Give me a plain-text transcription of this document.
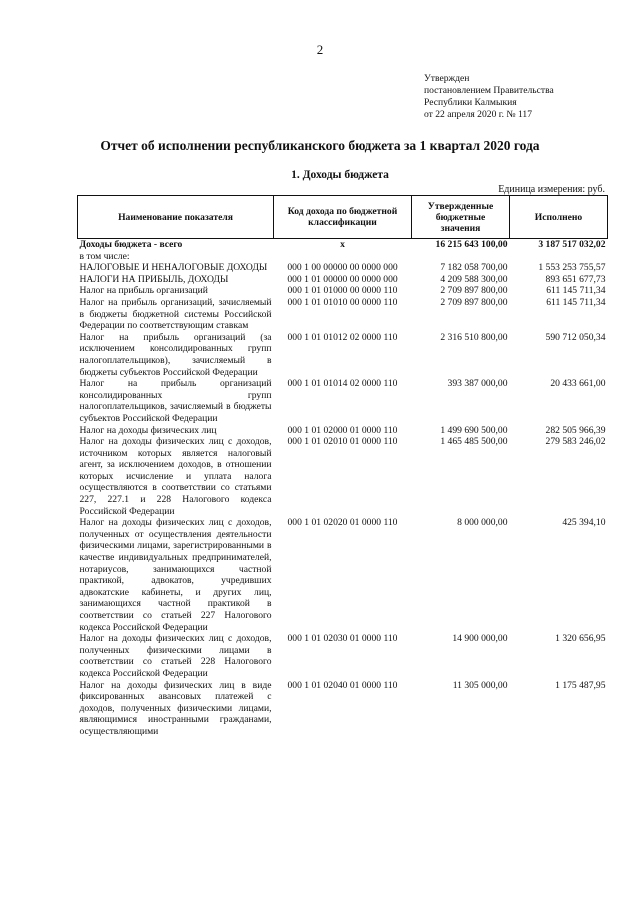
2
Утвержден
постановлением Правительства
Республики Калмыкия
от 22 апреля 2020 г. № 117
Отчет об исполнении республиканского бюджета за 1 квартал 2020 года
1. Доходы бюджета
Единица измерения: руб.
Наименование показателя	Код дохода по бюджетной классификации	Утвержденные бюджетные значения	Исполнено
Доходы бюджета - всего	x	16 215 643 100,00	3 187 517 032,02
в том числе:			
НАЛОГОВЫЕ И НЕНАЛОГОВЫЕ ДОХОДЫ	000 1 00 00000 00 0000 000	7 182 058 700,00	1 553 253 755,57
НАЛОГИ НА ПРИБЫЛЬ, ДОХОДЫ	000 1 01 00000 00 0000 000	4 209 588 300,00	893 651 677,73
Налог на прибыль организаций	000 1 01 01000 00 0000 110	2 709 897 800,00	611 145 711,34
Налог на прибыль организаций, зачисляемый в бюджеты бюджетной системы Российской Федерации по соответствующим ставкам	000 1 01 01010 00 0000 110	2 709 897 800,00	611 145 711,34
Налог на прибыль организаций (за исключением консолидированных групп налогоплательщиков), зачисляемый в бюджеты субъектов Российской Федерации	000 1 01 01012 02 0000 110	2 316 510 800,00	590 712 050,34
Налог на прибыль организаций консолидированных групп налогоплательщиков, зачисляемый в бюджеты субъектов Российской Федерации	000 1 01 01014 02 0000 110	393 387 000,00	20 433 661,00
Налог на доходы физических лиц	000 1 01 02000 01 0000 110	1 499 690 500,00	282 505 966,39
Налог на доходы физических лиц с доходов, источником которых является налоговый агент, за исключением доходов, в отношении которых исчисление и уплата налога осуществляются в соответствии со статьями 227, 227.1 и 228 Налогового кодекса Российской Федерации	000 1 01 02010 01 0000 110	1 465 485 500,00	279 583 246,02
Налог на доходы физических лиц с доходов, полученных от осуществления деятельности физическими лицами, зарегистрированными в качестве индивидуальных предпринимателей, нотариусов, занимающихся частной практикой, адвокатов, учредивших адвокатские кабинеты, и других лиц, занимающихся частной практикой в соответствии со статьей 227 Налогового кодекса Российской Федерации	000 1 01 02020 01 0000 110	8 000 000,00	425 394,10
Налог на доходы физических лиц с доходов, полученных физическими лицами в соответствии со статьей 228 Налогового кодекса Российской Федерации	000 1 01 02030 01 0000 110	14 900 000,00	1 320 656,95
Налог на доходы физических лиц в виде фиксированных авансовых платежей с доходов, полученных физическими лицами, являющимися иностранными гражданами, осуществляющими	000 1 01 02040 01 0000 110	11 305 000,00	1 175 487,95
